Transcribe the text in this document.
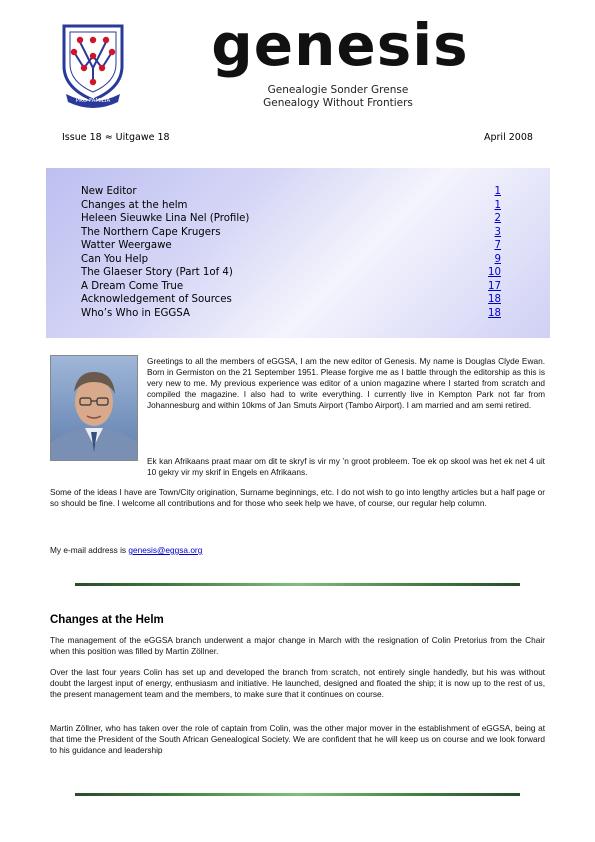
PRO FAMILIA
genesis
Genealogie Sonder Grense
Genealogy Without Frontiers
Issue 18 ≈ Uitgawe 18	April 2008
New Editor	1
Changes at the helm	1
Heleen Sieuwke Lina Nel (Profile)	2
The Northern Cape Krugers	3
Watter Weergawe	7
Can You Help	9
The Glaeser Story (Part 1of 4)	10
A Dream Come True	17
Acknowledgement of Sources	18
Who’s Who in EGGSA	18
Greetings to all the members of eGGSA, I am the new editor of Genesis. My name is Douglas Clyde Ewan. Born in Germiston on the 21 September 1951. Please forgive me as I battle through the editorship as this is very new to me. My previous experience was editor of a union magazine where I started from scratch and compiled the magazine. I also had to write everything. I currently live in Kempton Park not far from Johannesburg and within 10kms of Jan Smuts Airport (Tambo Airport). I am married and am semi retired.
Ek kan Afrikaans praat maar om dit te skryf is vir my ’n groot probleem. Toe ek op skool was het ek net 4 uit 10 gekry vir my skrif in Engels en Afrikaans.
Some of the ideas I have are Town/City origination, Surname beginnings, etc. I do not wish to go into lengthy articles but a half page or so should be fine. I welcome all contributions and for those who seek help we have, of course, our regular help column.
My e-mail address is genesis@eggsa.org
Changes at the Helm
The management of the eGGSA branch underwent a major change in March with the resignation of Colin Pretorius from the Chair when this position was filled by Martin Zöllner.
Over the last four years Colin has set up and developed the branch from scratch, not entirely single handedly, but his was without doubt the largest input of energy, enthusiasm and initiative. He launched, designed and floated the ship; it is now up to the rest of us, the present management team and the members, to make sure that it continues on course.
Martin Zöllner, who has taken over the role of captain from Colin, was the other major mover in the establishment of eGGSA, being at that time the President of the South African Genealogical Society. We are confident that he will keep us on course and we look forward to his guidance and leadership
